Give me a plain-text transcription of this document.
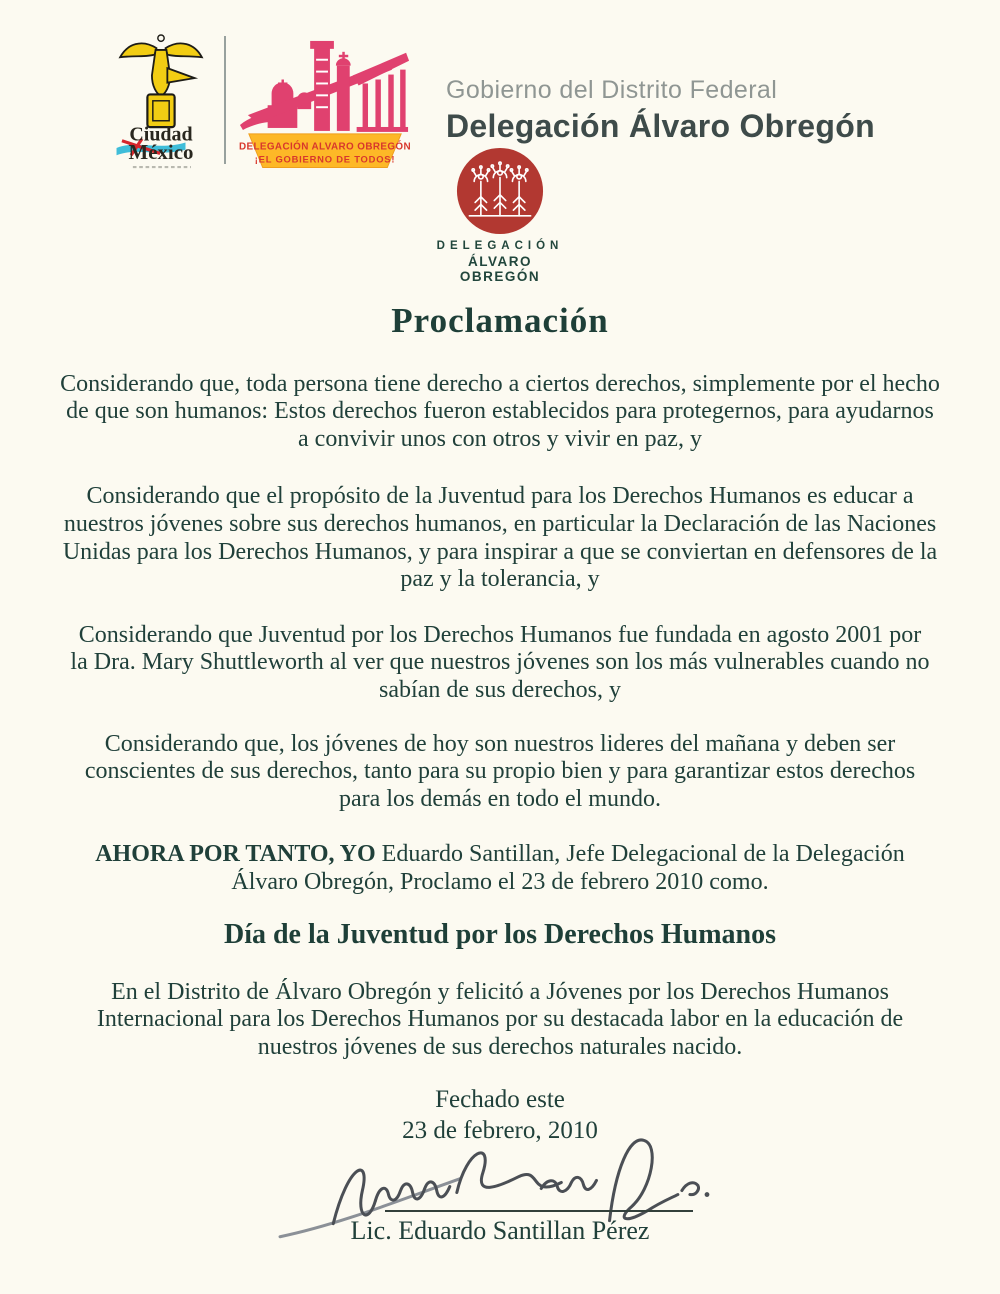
Ciudad
México	DELEGACIÓN ALVARO OBREGÓN
¡EL GOBIERNO DE TODOS!
Gobierno del Distrito Federal
Delegación Álvaro Obregón
DELEGACIÓN
ÁLVARO
OBREGÓN
Proclamación

Considerando que, toda persona tiene derecho a ciertos derechos, simplemente por el hecho de que son humanos: Estos derechos fueron establecidos para protegernos, para ayudarnos a convivir unos con otros y vivir en paz, y

Considerando que el propósito de la Juventud para los Derechos Humanos es educar a nuestros jóvenes sobre sus derechos humanos, en particular la Declaración de las Naciones Unidas para los Derechos Humanos, y para inspirar a que se conviertan en defensores de la paz y la tolerancia, y

Considerando que Juventud por los Derechos Humanos fue fundada en agosto 2001 por la Dra. Mary Shuttleworth al ver que nuestros jóvenes son los más vulnerables cuando no sabían de sus derechos, y

Considerando que, los jóvenes de hoy son nuestros lideres del mañana y deben ser conscientes de sus derechos, tanto para su propio bien y para garantizar estos derechos para los demás en todo el mundo.

AHORA POR TANTO, YO Eduardo Santillan, Jefe Delegacional de la Delegación Álvaro Obregón, Proclamo el 23 de febrero 2010 como.

Día de la Juventud por los Derechos Humanos

En el Distrito de Álvaro Obregón y felicitó a Jóvenes por los Derechos Humanos Internacional para los Derechos Humanos por su destacada labor en la educación de nuestros jóvenes de sus derechos naturales nacido.

Fechado este
23 de febrero, 2010
Lic. Eduardo Santillan Pérez
